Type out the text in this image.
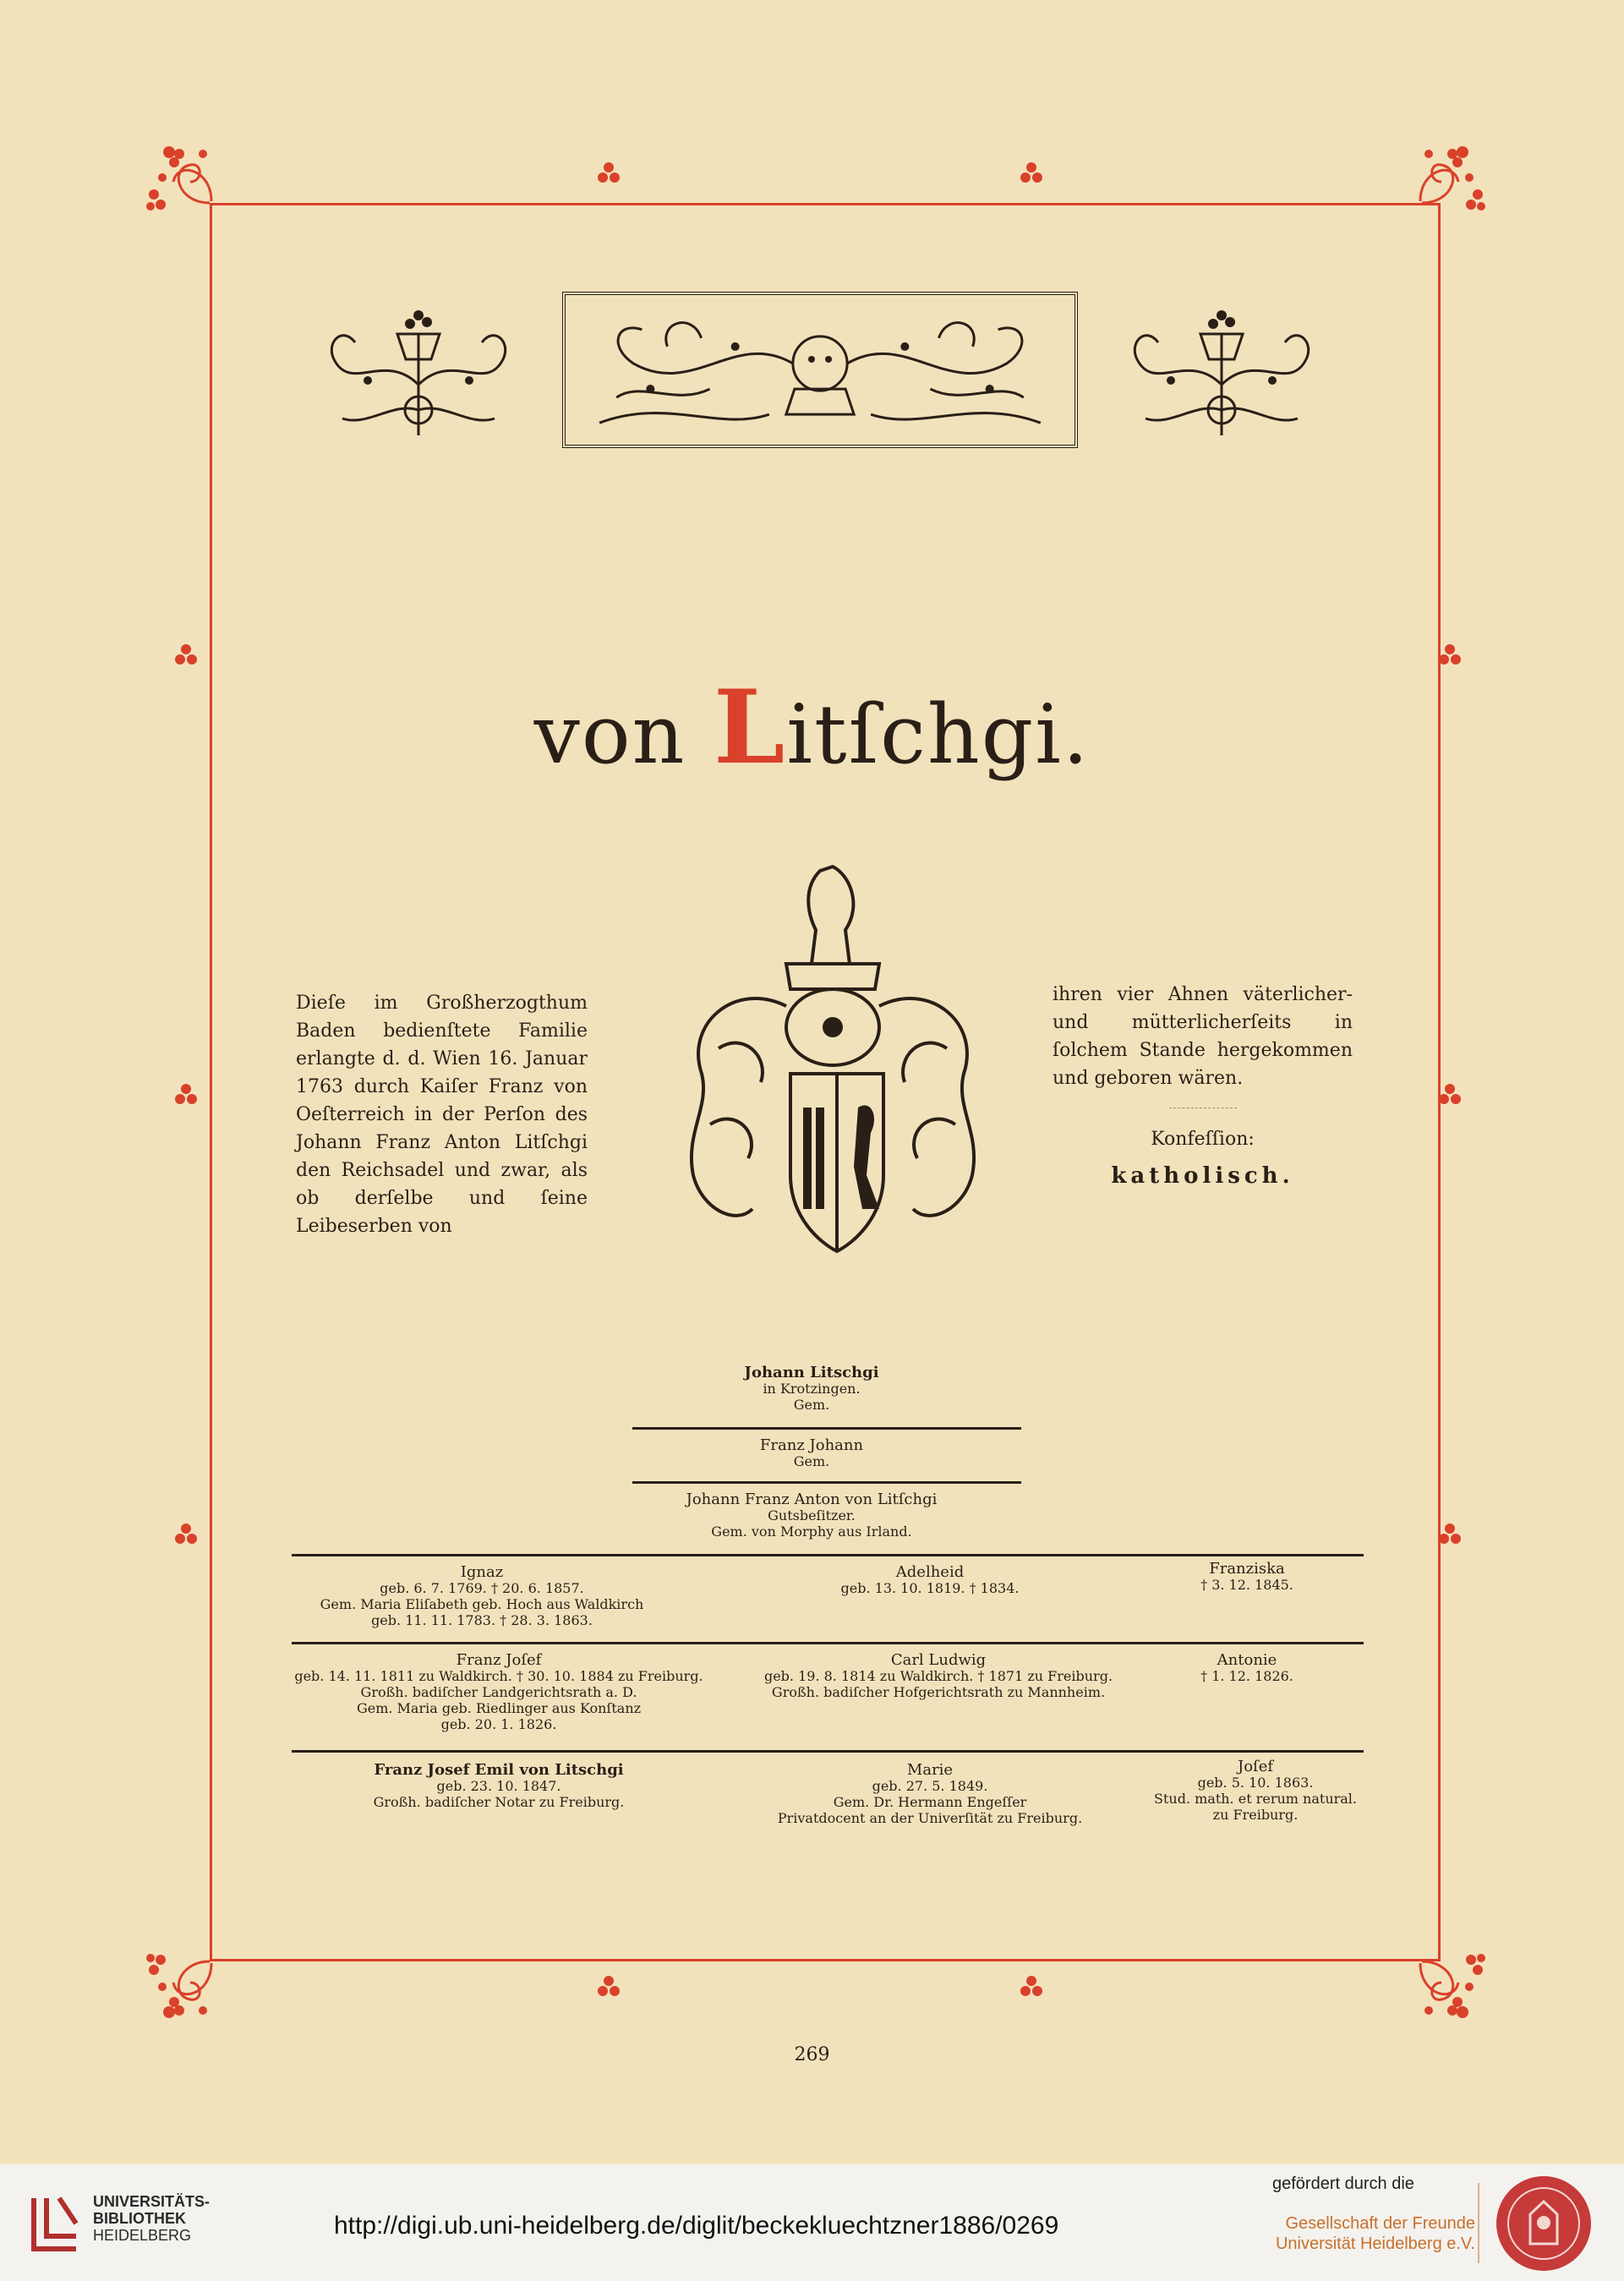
von Litſchgi.
Dieſe im Großherzogthum Baden bedienſtete Familie erlangte d. d. Wien 16. Januar 1763 durch Kaiſer Franz von Oeſterreich in der Perſon des Johann Franz Anton Litſchgi den Reichsadel und zwar, als ob derſelbe und ſeine Leibeserben von
ihren vier Ahnen väterlicher- und mütterlicherſeits in ſolchem Stande hergekommen und geboren wären.
Konfeſſion:
katholisch.
Johann Litschgi
in Krotzingen.
Gem.
Franz Johann
Gem.
Johann Franz Anton von Litſchgi
Gutsbeſitzer.
Gem. von Morphy aus Irland.
Ignaz
geb. 6. 7. 1769. † 20. 6. 1857.
Gem. Maria Eliſabeth geb. Hoch aus Waldkirch
geb. 11. 11. 1783. † 28. 3. 1863.
Adelheid
geb. 13. 10. 1819. † 1834.
Franziska
† 3. 12. 1845.
Franz Joſef
geb. 14. 11. 1811 zu Waldkirch. † 30. 10. 1884 zu Freiburg.
Großh. badiſcher Landgerichtsrath a. D.
Gem. Maria geb. Riedlinger aus Konſtanz
geb. 20. 1. 1826.
Carl Ludwig
geb. 19. 8. 1814 zu Waldkirch. † 1871 zu Freiburg.
Großh. badiſcher Hofgerichtsrath zu Mannheim.
Antonie
† 1. 12. 1826.
Franz Josef Emil von Litschgi
geb. 23. 10. 1847.
Großh. badiſcher Notar zu Freiburg.
Marie
geb. 27. 5. 1849.
Gem. Dr. Hermann Engeſſer
Privatdocent an der Univerſität zu Freiburg.
Joſef
geb. 5. 10. 1863.
Stud. math. et rerum natural.
zu Freiburg.
269
UNIVERSITÄTS-
BIBLIOTHEK
HEIDELBERG	http://digi.ub.uni-heidelberg.de/diglit/beckekluechtzner1886/0269
gefördert durch die
Gesellschaft der Freunde
Universität Heidelberg e.V.
